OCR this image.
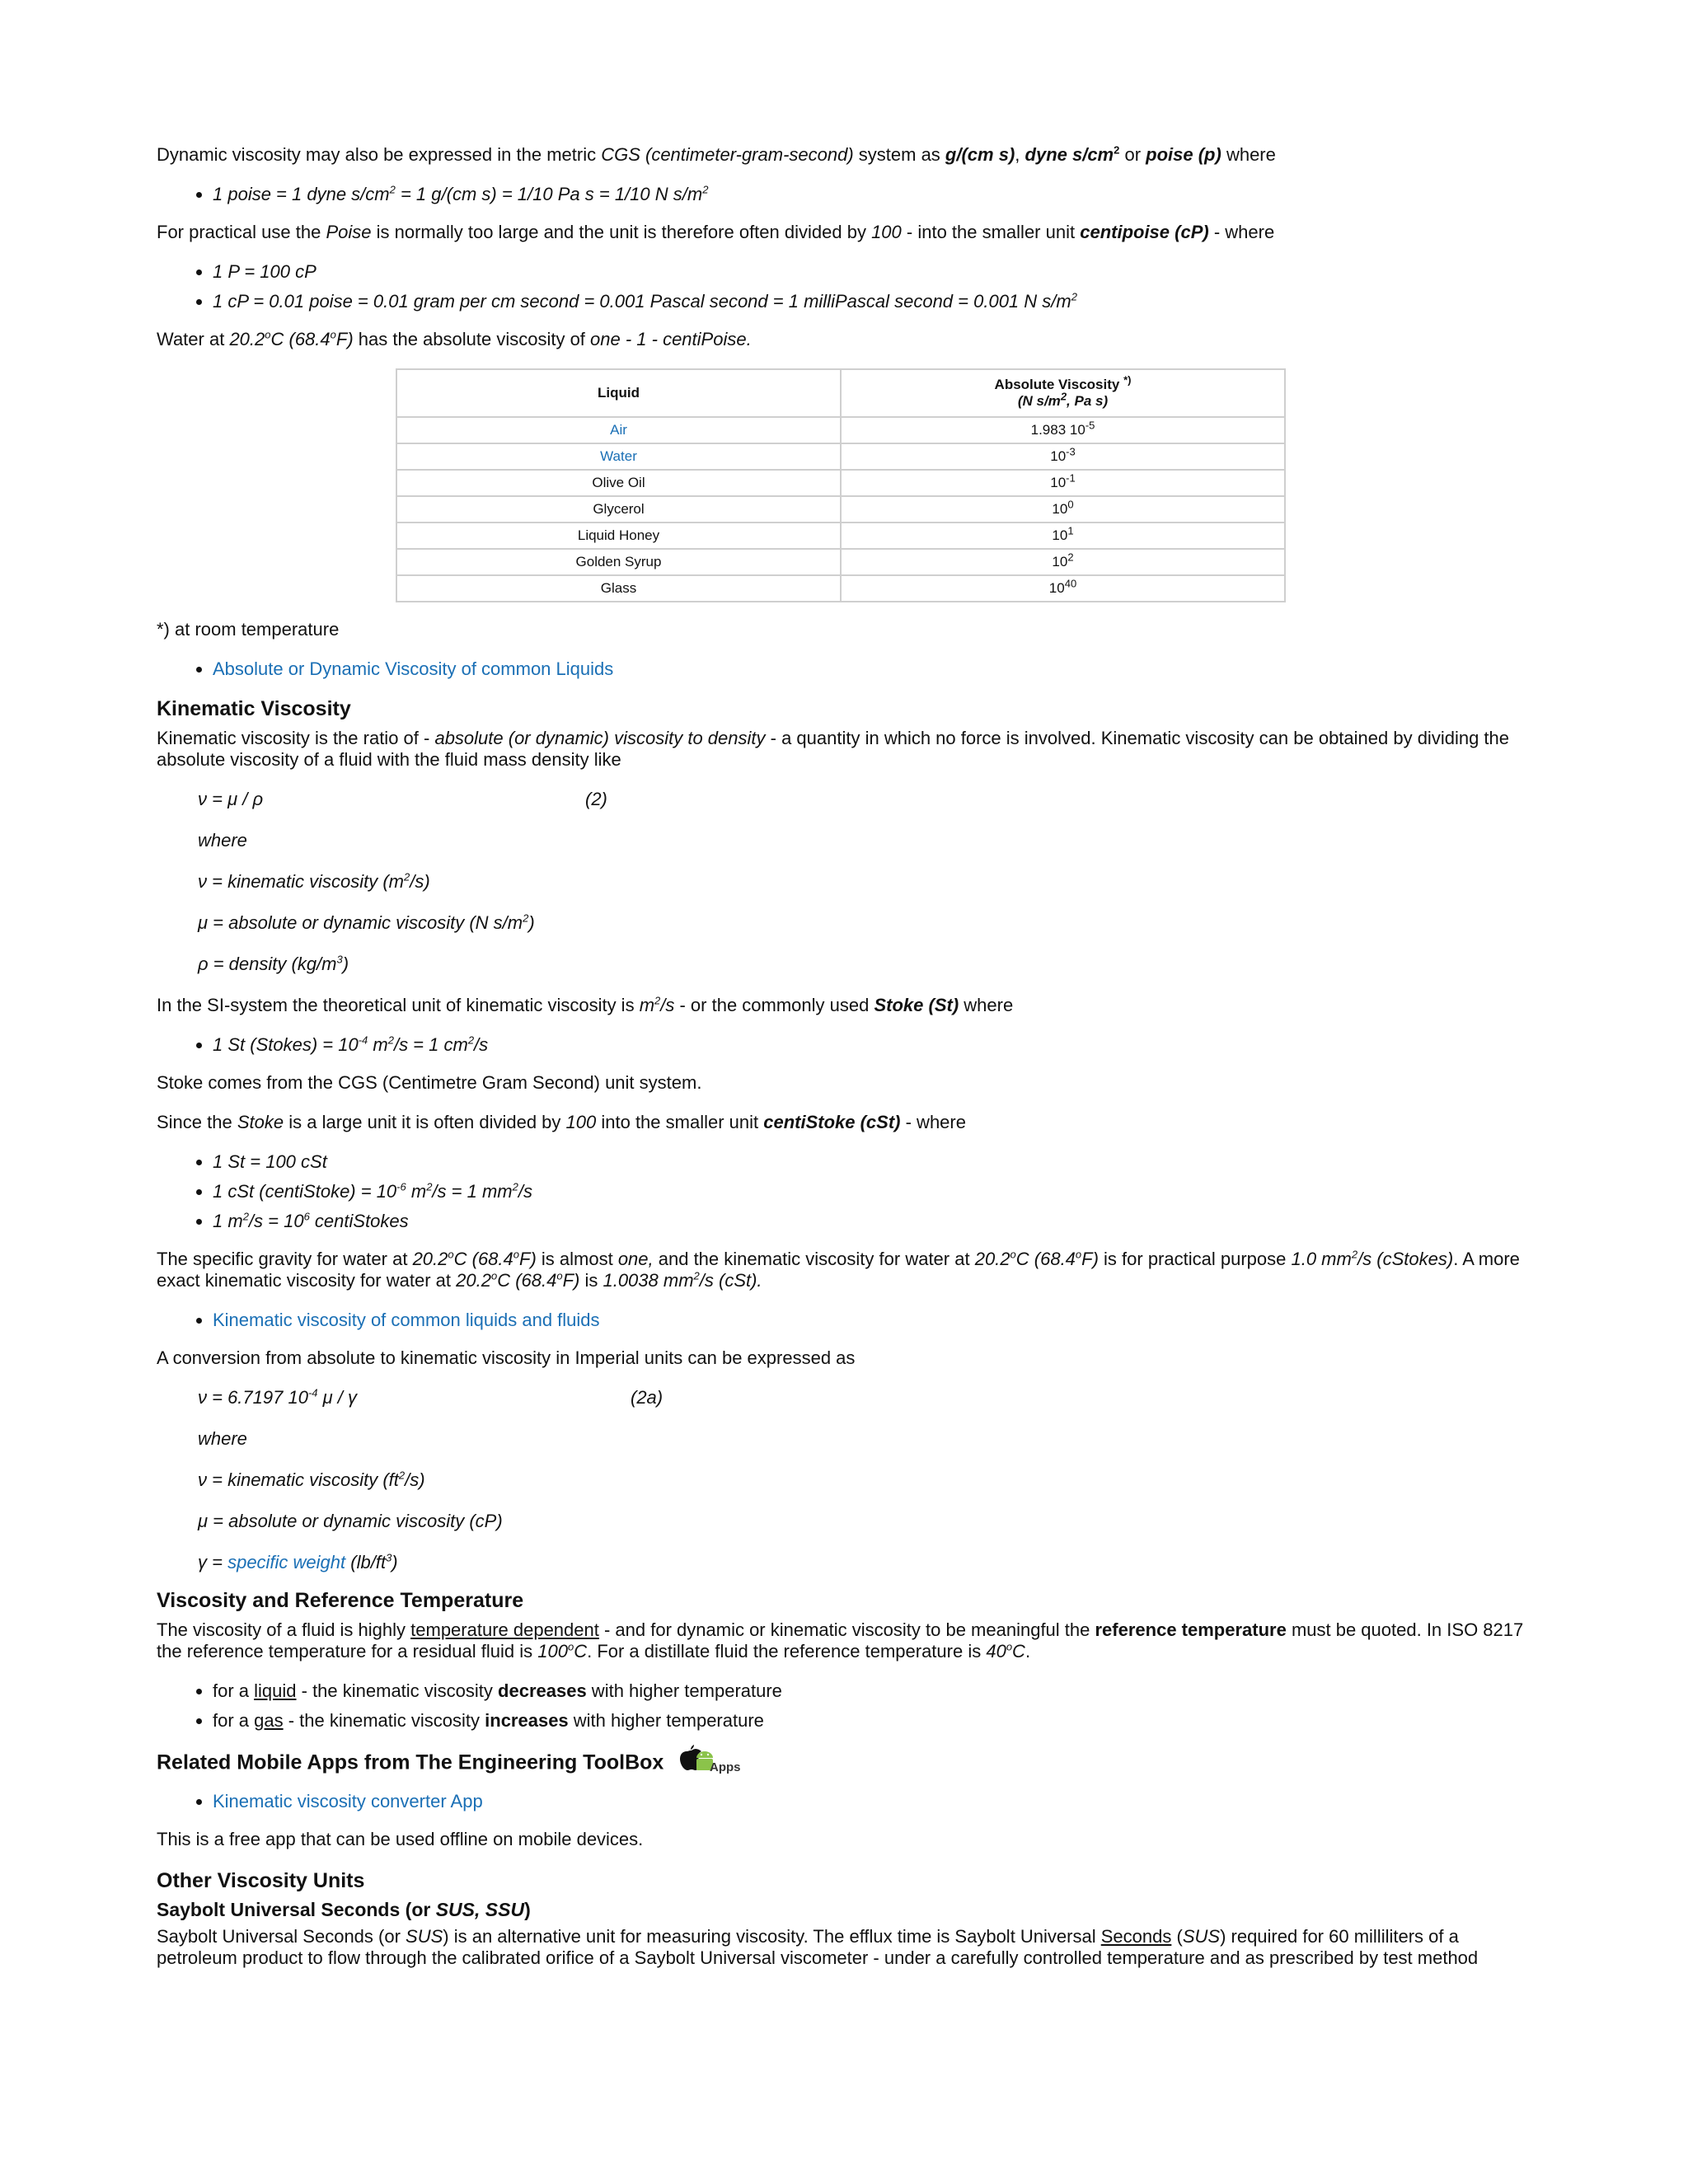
Dynamic viscosity may also be expressed in the metric CGS (centimeter-gram-second) system as g/(cm s), dyne $s/cm^2$ or poise (p) where

• 1 poise = 1 dyne $s/cm^2 = 1$ g/(cm s) = 1/10 Pa s = 1/10 N $s/m^2$

For practical use the Poise is normally too large and the unit is therefore often divided by 100 - into the smaller unit centipoise (cP) - where

• 1 P = 100 cP
• 1 cP = 0.01 poise = 0.01 gram per cm second = 0.001 Pascal second = 1 milliPascal second = 0.001 N $s/m^2$

Water at 20.2$^o$C (68.4$^o$F) has the absolute viscosity of one - 1 - centiPoise.

Liquid	Absolute Viscosity *)
(N $s/m^2$, Pa s)
Air	1.983 $10^{-5}$
Water	$10^{-3}$
Olive Oil	$10^{-1}$
Glycerol	$10^0$
Liquid Honey	$10^1$
Golden Syrup	$10^2$
Glass	$10^{40}$

*) at room temperature

• Absolute or Dynamic Viscosity of common Liquids
Kinematic Viscosity

Kinematic viscosity is the ratio of - absolute (or dynamic) viscosity to density - a quantity in which no force is involved. Kinematic viscosity can be obtained by dividing the absolute viscosity of a fluid with the fluid mass density like

ν = μ / ρ	(2)

where

ν = kinematic viscosity $(m^2/s)$

μ = absolute or dynamic viscosity (N $s/m^2$)

ρ = density $(kg/m^3)$

In the SI-system the theoretical unit of kinematic viscosity is $m^2/s$ - or the commonly used Stoke (St) where

• 1 St (Stokes) = $10^{-4}$ $m^2/s = 1$ $cm^2/s$

Stoke comes from the CGS (Centimetre Gram Second) unit system.

Since the Stoke is a large unit it is often divided by 100 into the smaller unit centiStoke (cSt) - where

• 1 St = 100 cSt
• 1 cSt (centiStoke) = $10^{-6}$ $m^2/s = 1$ $mm^2/s$
• 1 $m^2/s = 10^6$ centiStokes

The specific gravity for water at 20.2$^o$C (68.4$^o$F) is almost one, and the kinematic viscosity for water at 20.2$^o$C (68.4$^o$F) is for practical purpose 1.0 $mm^2/s$ (cStokes). A more exact kinematic viscosity for water at 20.2$^o$C (68.4$^o$F) is 1.0038 $mm^2/s$ (cSt).

• Kinematic viscosity of common liquids and fluids

A conversion from absolute to kinematic viscosity in Imperial units can be expressed as

ν = 6.7197 $10^{-4}$ μ / γ	(2a)

where

ν = kinematic viscosity $(ft^2/s)$

μ = absolute or dynamic viscosity (cP)

γ = specific weight $(lb/ft^3)$

Viscosity and Reference Temperature

The viscosity of a fluid is highly temperature dependent - and for dynamic or kinematic viscosity to be meaningful the reference temperature must be quoted. In ISO 8217 the reference temperature for a residual fluid is 100$^o$C. For a distillate fluid the reference temperature is 40$^o$C.

• for a liquid - the kinematic viscosity decreases with higher temperature
• for a gas - the kinematic viscosity increases with higher temperature
Related Mobile Apps from The Engineering ToolBox	Apps
• Kinematic viscosity converter App

This is a free app that can be used offline on mobile devices.

Other Viscosity Units
Saybolt Universal Seconds (or SUS, SSU)

Saybolt Universal Seconds (or SUS) is an alternative unit for measuring viscosity. The efflux time is Saybolt Universal Seconds (SUS) required for 60 milliliters of a petroleum product to flow through the calibrated orifice of a Saybolt Universal viscometer - under a carefully controlled temperature and as prescribed by test method
